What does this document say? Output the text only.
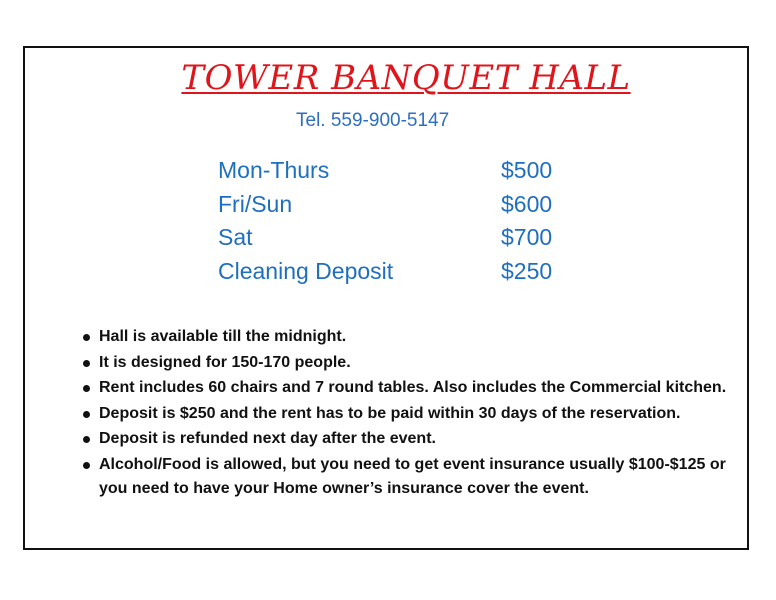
TOWER BANQUET HALL
Tel. 559-900-5147
Mon-Thurs	$500
Fri/Sun	$600
Sat	$700
Cleaning Deposit	$250
Hall is available till the midnight.
It is designed for 150-170 people.
Rent includes 60 chairs and 7 round tables. Also includes the Commercial kitchen.
Deposit is $250 and the rent has to be paid within 30 days of the reservation.
Deposit is refunded next day after the event.
Alcohol/Food is allowed, but you need to get event insurance usually $100-$125 or you need to have your Home owner’s insurance cover the event.
